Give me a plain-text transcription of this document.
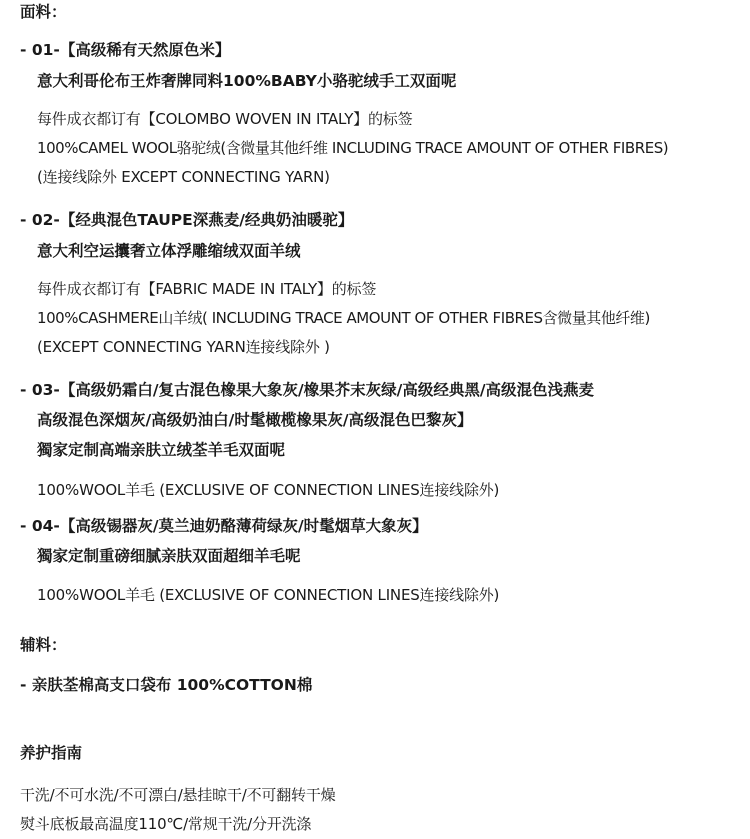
面料：
- 01-【高级稀有天然原色米】
意大利哥伦布王炸奢牌同料100%BABY小骆驼绒手工双面呢
每件成衣都订有【COLOMBO WOVEN IN ITALY】的标签
100%CAMEL WOOL骆驼绒(含微量其他纤维 INCLUDING TRACE AMOUNT OF OTHER FIBRES)
(连接线除外 EXCEPT CONNECTING YARN)
- 02-【经典混色TAUPE深燕麦/经典奶油暖驼】
意大利空运攮奢立体浮雕缩绒双面羊绒
每件成衣都订有【FABRIC MADE IN ITALY】的标签
100%CASHMERE山羊绒( INCLUDING TRACE AMOUNT OF OTHER FIBRES含微量其他纤维)
(EXCEPT CONNECTING YARN连接线除外 )
- 03-【高级奶霜白/复古混色橡果大象灰/橡果芥末灰绿/高级经典黑/高级混色浅燕麦
高级混色深烟灰/高级奶油白/时髦橄榄橡果灰/高级混色巴黎灰】
獨家定制高端亲肤立绒荃羊毛双面呢
100%WOOL羊毛 (EXCLUSIVE OF CONNECTION LINES连接线除外)
- 04-【高级锡器灰/莫兰迪奶酪薄荷绿灰/时髦烟草大象灰】
獨家定制重磅细腻亲肤双面超细羊毛呢
100%WOOL羊毛 (EXCLUSIVE OF CONNECTION LINES连接线除外)
辅料：
- 亲肤荃棉高支口袋布 100%COTTON棉
养护指南
干洗/不可水洗/不可漂白/悬挂晾干/不可翻转干燥
熨斗底板最高温度110℃/常规干洗/分开洗涤
